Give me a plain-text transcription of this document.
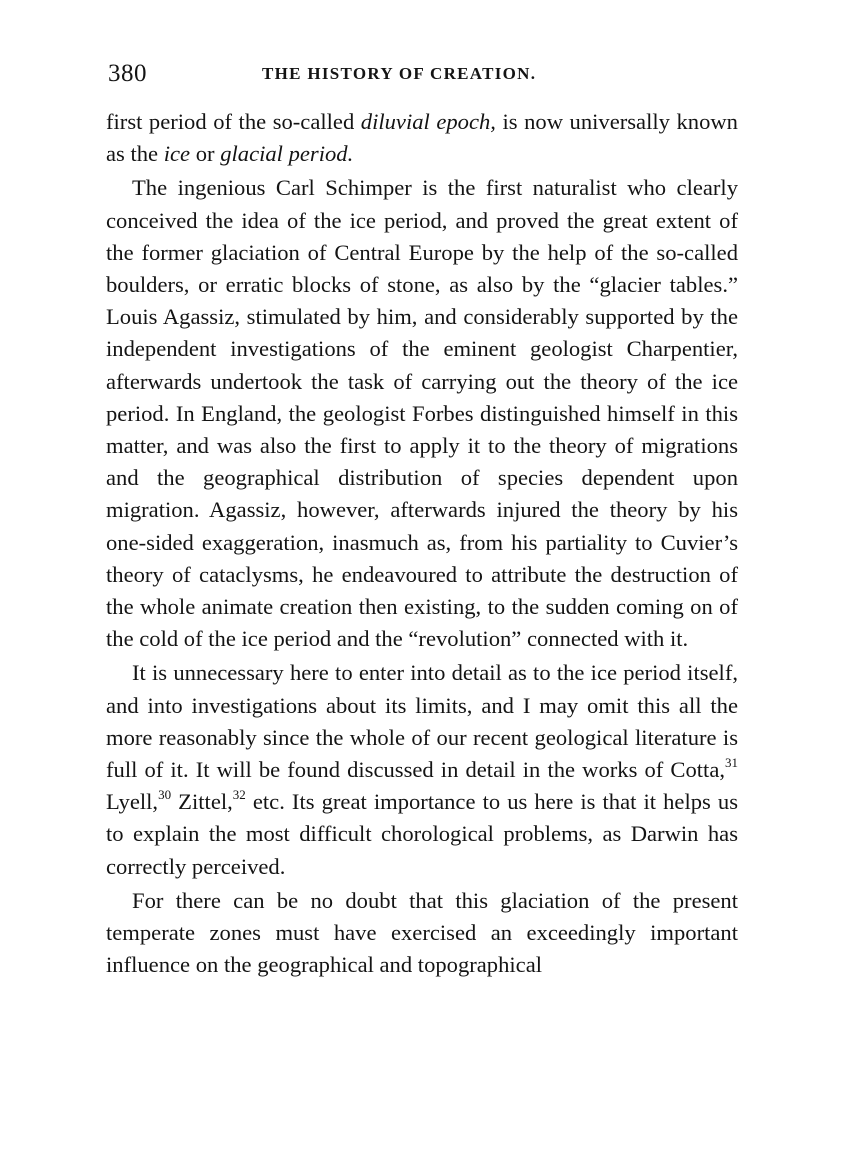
380	THE HISTORY OF CREATION.

first period of the so-called diluvial epoch, is now universally known as the ice or glacial period.

The ingenious Carl Schimper is the first naturalist who clearly conceived the idea of the ice period, and proved the great extent of the former glaciation of Central Europe by the help of the so-called boulders, or erratic blocks of stone, as also by the “glacier tables.” Louis Agassiz, stimulated by him, and considerably supported by the independent investigations of the eminent geologist Charpentier, afterwards undertook the task of carrying out the theory of the ice period. In England, the geologist Forbes distinguished himself in this matter, and was also the first to apply it to the theory of migrations and the geographical distribution of species dependent upon migration. Agassiz, however, afterwards injured the theory by his one-sided exaggeration, inasmuch as, from his partiality to Cuvier’s theory of cataclysms, he endeavoured to attribute the destruction of the whole animate creation then existing, to the sudden coming on of the cold of the ice period and the “revolution” connected with it.

It is unnecessary here to enter into detail as to the ice period itself, and into investigations about its limits, and I may omit this all the more reasonably since the whole of our recent geological literature is full of it. It will be found discussed in detail in the works of Cotta,$^{31}$ Lyell,$^{30}$ Zittel,$^{32}$ etc. Its great importance to us here is that it helps us to explain the most difficult chorological problems, as Darwin has correctly perceived.

For there can be no doubt that this glaciation of the present temperate zones must have exercised an exceedingly important influence on the geographical and topographical
